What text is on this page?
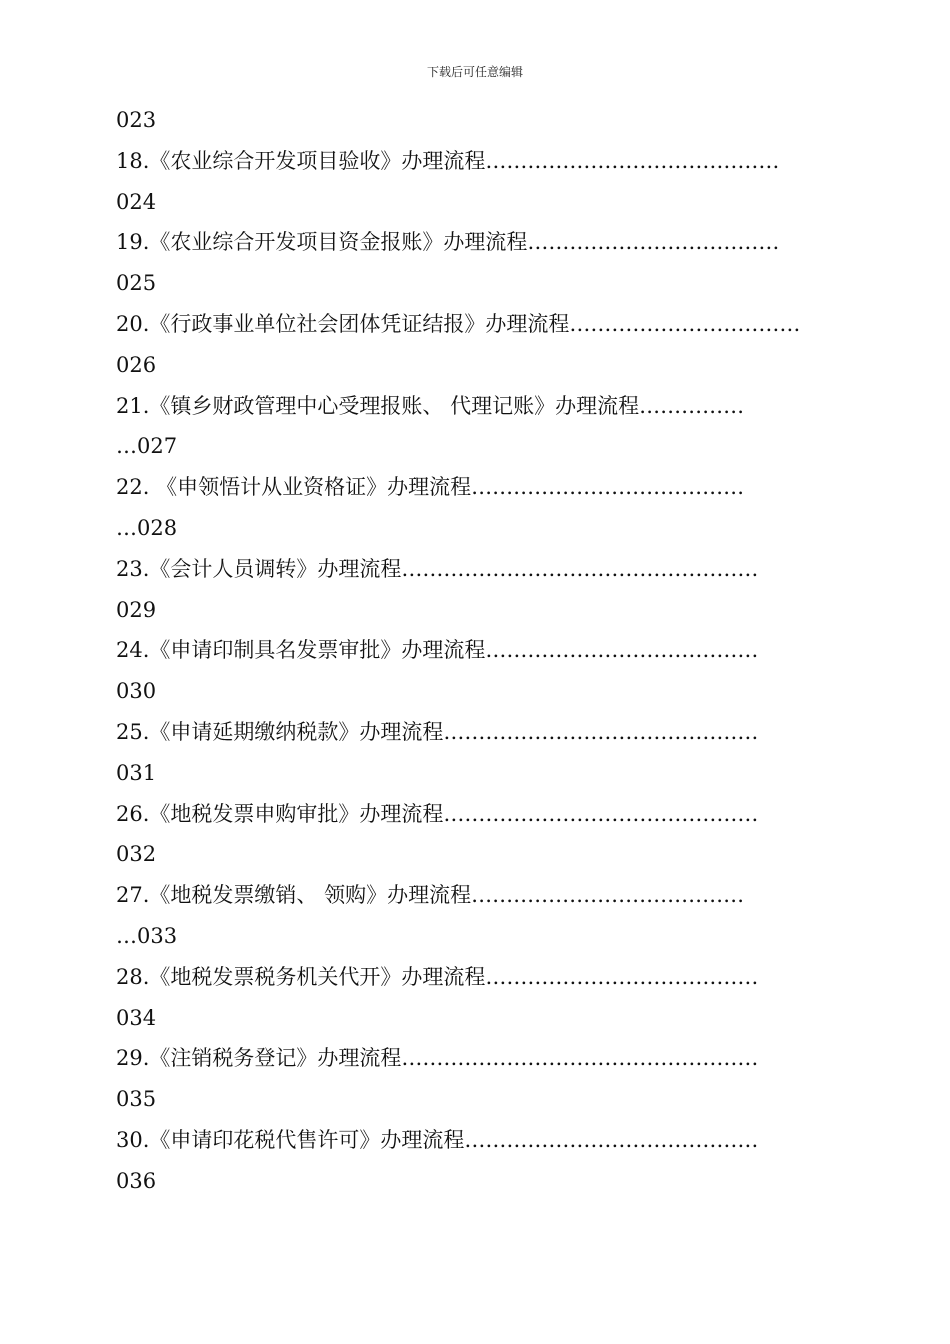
下载后可任意编辑
023
18.《农业综合开发项目验收》办理流程……………………………………
024
19.《农业综合开发项目资金报账》办理流程………………………………
025
20.《行政事业单位社会团体凭证结报》办理流程……………………………
026
21.《镇乡财政管理中心受理报账、 代理记账》办理流程……………
…027
22. 《申领悟计从业资格证》办理流程…………………………………
…028
23.《会计人员调转》办理流程……………………………………………
029
24.《申请印制具名发票审批》办理流程…………………………………
030
25.《申请延期缴纳税款》办理流程………………………………………
031
26.《地税发票申购审批》办理流程………………………………………
032
27.《地税发票缴销、 领购》办理流程…………………………………
…033
28.《地税发票税务机关代开》办理流程…………………………………
034
29.《注销税务登记》办理流程……………………………………………
035
30.《申请印花税代售许可》办理流程……………………………………
036
